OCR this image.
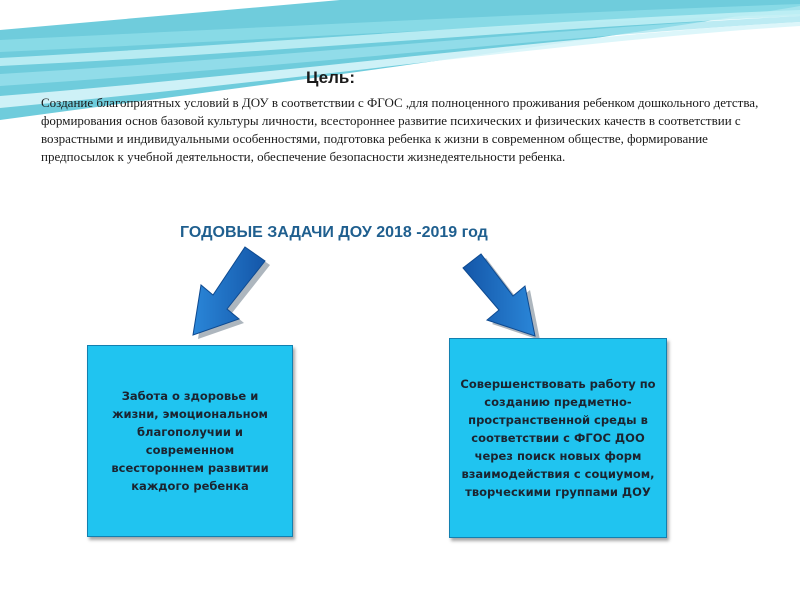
Цель:
Создание благоприятных условий в ДОУ в соответствии с ФГОС ,для полноценного проживания ребенком дошкольного детства, формирования основ базовой культуры личности, всестороннее развитие психических и физических качеств в соответствии с возрастными и индивидуальными особенностями, подготовка ребенка к жизни в современном обществе, формирование предпосылок к учебной деятельности, обеспечение безопасности жизнедеятельности ребенка.
ГОДОВЫЕ ЗАДАЧИ ДОУ 2018 -2019 год
Забота о здоровье и жизни, эмоциональном благополучии и современном всестороннем развитии каждого ребенка
Совершенствовать работу по созданию предметно-пространственной среды в соответствии с ФГОС ДОО через поиск новых форм взаимодействия с социумом, творческими группами ДОУ
